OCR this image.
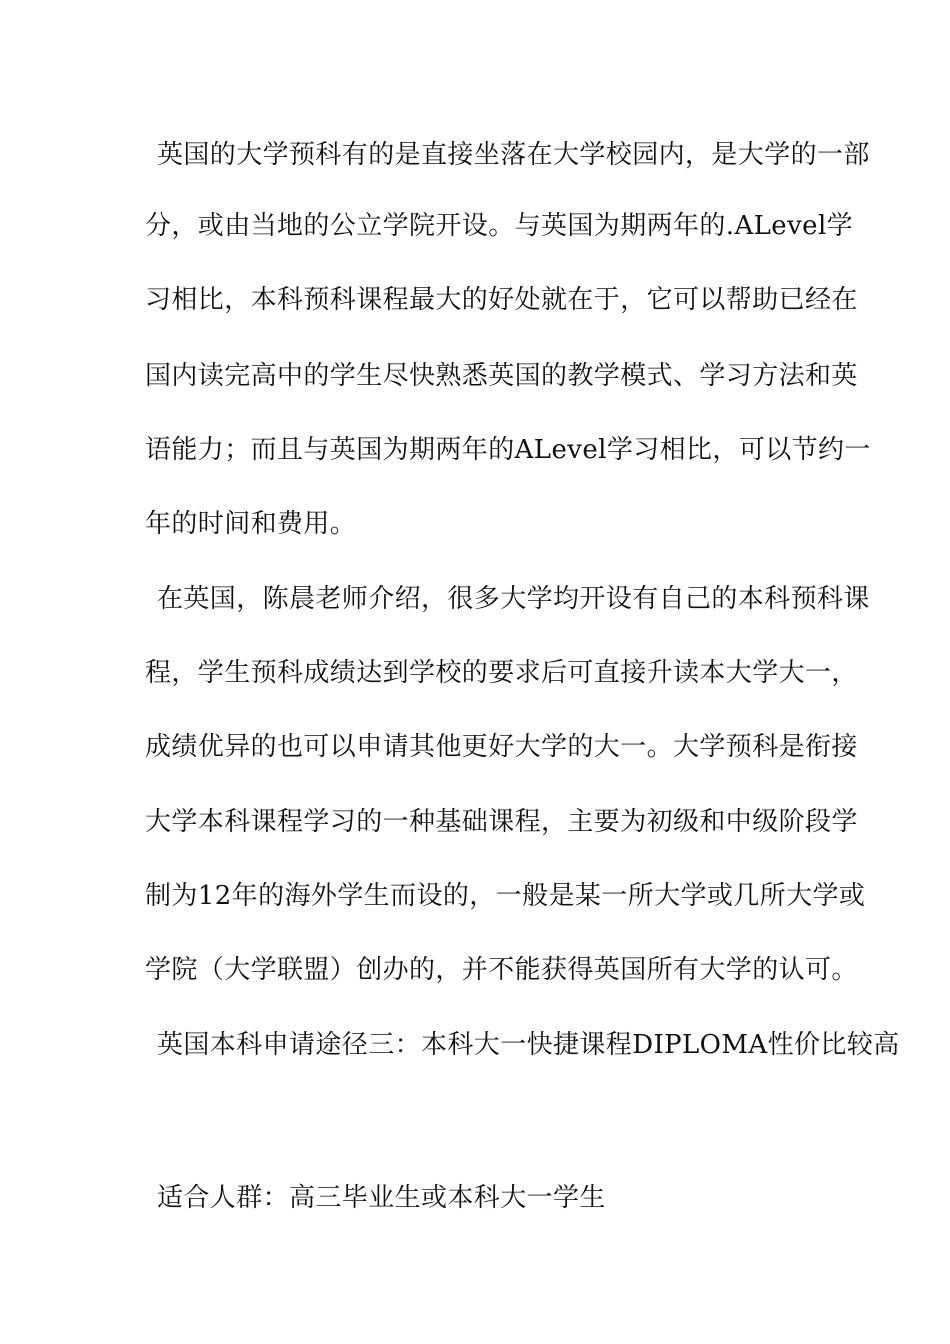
英国的大学预科有的是直接坐落在大学校园内，是大学的一部
分，或由当地的公立学院开设。与英国为期两年的.ALevel学
习相比，本科预科课程最大的好处就在于，它可以帮助已经在
国内读完高中的学生尽快熟悉英国的教学模式、学习方法和英
语能力；而且与英国为期两年的ALevel学习相比，可以节约一
年的时间和费用。
在英国，陈晨老师介绍，很多大学均开设有自己的本科预科课
程，学生预科成绩达到学校的要求后可直接升读本大学大一，
成绩优异的也可以申请其他更好大学的大一。大学预科是衔接
大学本科课程学习的一种基础课程，主要为初级和中级阶段学
制为12年的海外学生而设的，一般是某一所大学或几所大学或
学院（大学联盟）创办的，并不能获得英国所有大学的认可。
英国本科申请途径三：本科大一快捷课程DIPLOMA性价比较高
适合人群：高三毕业生或本科大一学生
